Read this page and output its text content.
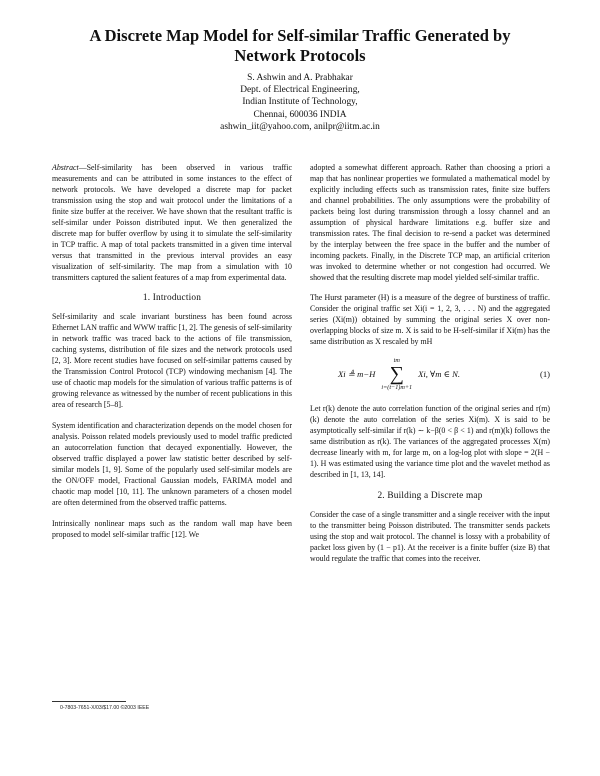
A Discrete Map Model for Self-similar Traffic Generated by
Network Protocols
S. Ashwin and A. Prabhakar
Dept. of Electrical Engineering,
Indian Institute of Technology,
Chennai, 600036 INDIA
ashwin_iit@yahoo.com, anilpr@iitm.ac.in

Abstract—Self-similarity has been observed in various traffic measurements and can be attributed in some instances to the effect of network protocols. We have developed a discrete map for packet transmission using the stop and wait protocol under the limitations of a finite size buffer at the receiver. We have shown that the resultant traffic is self-similar under Poisson distributed input. We then generalized the discrete map for buffer overflow by using it to simulate the self-similarity in TCP traffic. A map of total packets transmitted in a given time interval versus that transmitted in the previous interval provides an easy visualization of self-similarity. The map from a simulation with 10 transmitters captured the salient features of a map from experimental data.

1. Introduction

Self-similarity and scale invariant burstiness has been found across Ethernet LAN traffic and WWW traffic [1, 2]. The genesis of self-similarity in network traffic was traced back to the actions of file transmission, caching systems, distribution of file sizes and the network protocols used [2, 3]. More recent studies have focused on self-similar patterns caused by the Transmission Control Protocol (TCP) windowing mechanism [4]. The use of chaotic map models for the simulation of various traffic patterns is of growing relevance as witnessed by the number of recent publications in this area of research [5–8].

System identification and characterization depends on the model chosen for analysis. Poisson related models previously used to model traffic predicted an autocorrelation function that decayed exponentially. However, the observed traffic displayed a power law statistic better described by self-similar models [1, 9]. Some of the popularly used self-similar models are the ON/OFF model, Fractional Gaussian models, FARIMA model and chaotic map model [10, 11]. The unknown parameters of a chosen model are often determined from the observed traffic patterns.

Intrinsically nonlinear maps such as the random wall map have been proposed to model self-similar traffic [12]. We

adopted a somewhat different approach. Rather than choosing a priori a map that has nonlinear properties we formulated a mathematical model by explicitly including effects such as transmission rates, finite size buffers and channel probabilities. The only assumptions were the probability of packets being lost during transmission through a lossy channel and an assumption of physical hardware limitations e.g. buffer size and transmission rates. The final decision to re-send a packet was determined by the interplay between the free space in the buffer and the number of incoming packets. Finally, in the Discrete TCP map, an artificial criterion was invoked to determine whether or not congestion had occurred. We showed that the resulting discrete map model yielded self-similar traffic.

The Hurst parameter (H) is a measure of the degree of burstiness of traffic. Consider the original traffic set Xi(i = 1, 2, 3, . . . N) and the aggregated series (Xi(m)) obtained by summing the original series X over non-overlapping blocks of size m. X is said to be H-self-similar if Xi(m) has the same distribution as X rescaled by mH

Xi ≜ m−H
tm
∑
i=(t−1)m+1
Xi, ∀m ∈ N.	(1)

Let r(k) denote the auto correlation function of the original series and r(m)(k) denote the auto correlation of the series Xi(m). X is said to be asymptotically self-similar if r(k) ∼ k−β(0 < β < 1) and r(m)(k) follows the same distribution as r(k). The variances of the aggregated processes X(m) decrease linearly with m, for large m, on a log-log plot with slope = 2(H − 1). H was estimated using the variance time plot and the wavelet method as described in [1, 13, 14].

2. Building a Discrete map

Consider the case of a single transmitter and a single receiver with the input to the transmitter being Poisson distributed. The transmitter sends packets using the stop and wait protocol. The channel is lossy with a probability of packet loss given by (1 − p1). At the receiver is a finite buffer (size B) that would regulate the traffic that comes into the receiver.

0-7803-7651-X/03/$17.00 ©2003 IEEE
